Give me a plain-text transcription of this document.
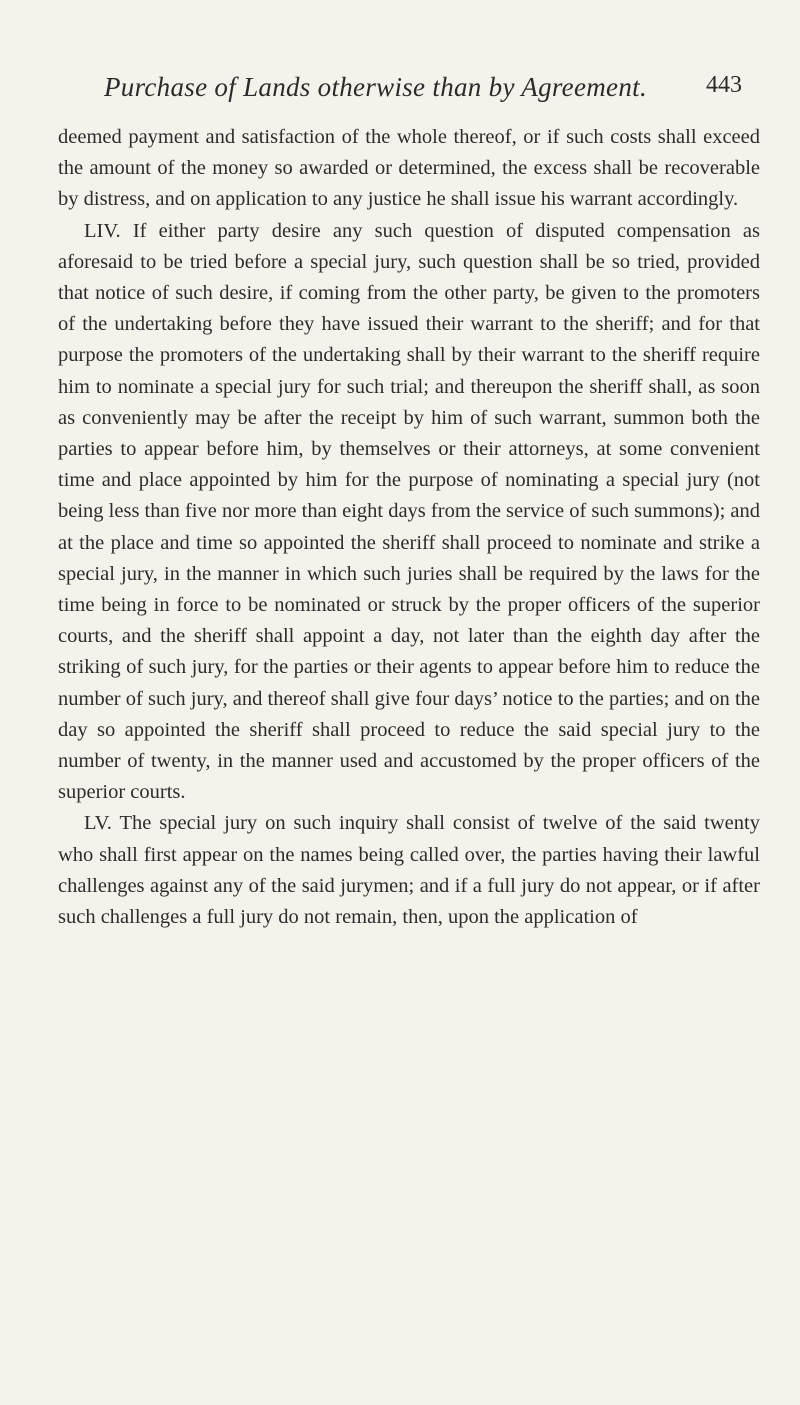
Purchase of Lands otherwise than by Agreement. 443

deemed payment and satisfaction of the whole thereof, or if such costs shall exceed the amount of the money so awarded or determined, the excess shall be recoverable by distress, and on application to any justice he shall issue his warrant accordingly.

LIV. If either party desire any such question of disputed compensation as aforesaid to be tried before a special jury, such question shall be so tried, provided that notice of such desire, if coming from the other party, be given to the promoters of the undertaking before they have issued their warrant to the sheriff; and for that purpose the promoters of the undertaking shall by their warrant to the sheriff require him to nominate a special jury for such trial; and thereupon the sheriff shall, as soon as conveniently may be after the receipt by him of such warrant, summon both the parties to appear before him, by themselves or their attorneys, at some convenient time and place appointed by him for the purpose of nominating a special jury (not being less than five nor more than eight days from the service of such summons); and at the place and time so appointed the sheriff shall proceed to nominate and strike a special jury, in the manner in which such juries shall be required by the laws for the time being in force to be nominated or struck by the proper officers of the superior courts, and the sheriff shall appoint a day, not later than the eighth day after the striking of such jury, for the parties or their agents to appear before him to reduce the number of such jury, and thereof shall give four days’ notice to the parties; and on the day so appointed the sheriff shall proceed to reduce the said special jury to the number of twenty, in the manner used and accustomed by the proper officers of the superior courts.

LV. The special jury on such inquiry shall consist of twelve of the said twenty who shall first appear on the names being called over, the parties having their lawful challenges against any of the said jurymen; and if a full jury do not appear, or if after such challenges a full jury do not remain, then, upon the application of
